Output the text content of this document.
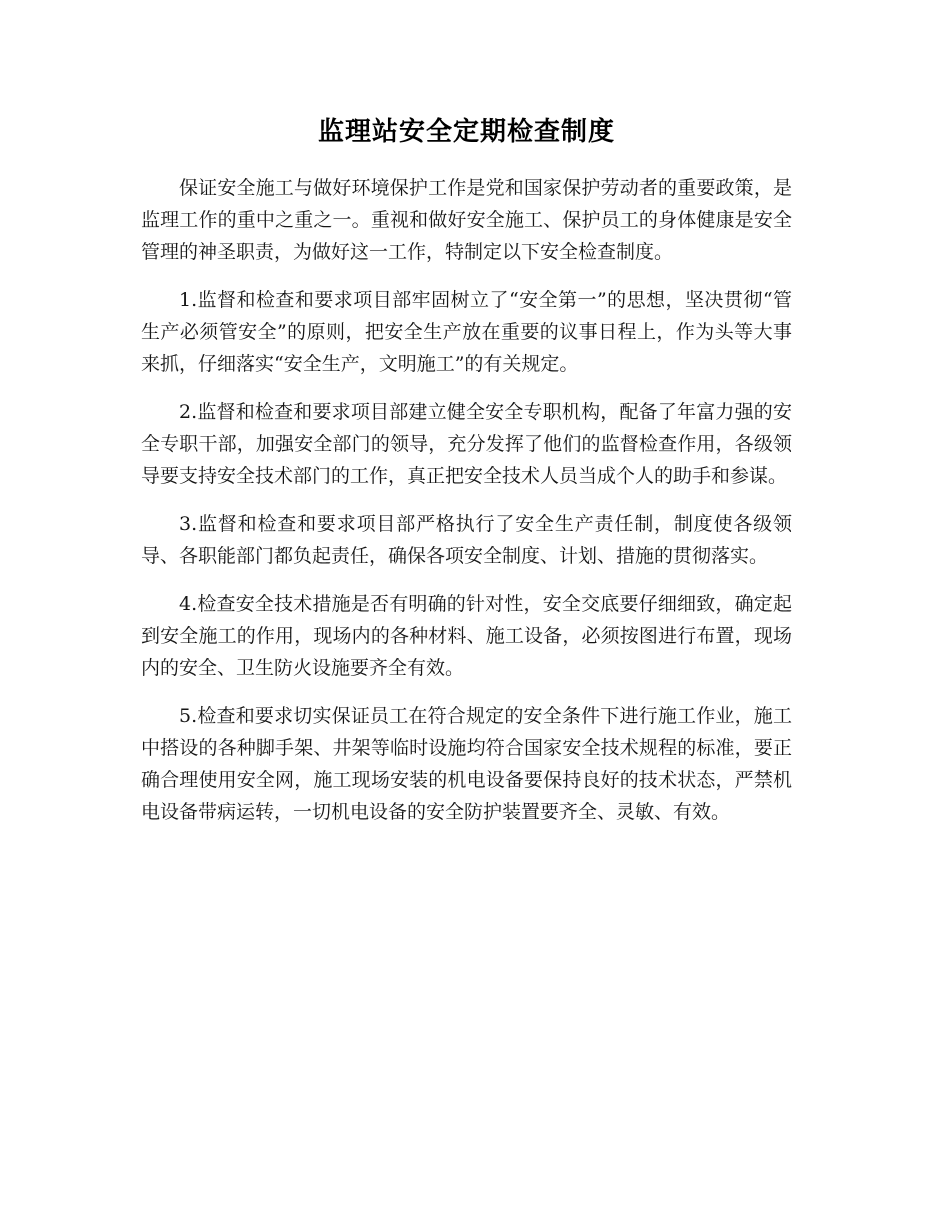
监理站安全定期检查制度

保证安全施工与做好环境保护工作是党和国家保护劳动者的重要政策，是监理工作的重中之重之一。重视和做好安全施工、保护员工的身体健康是安全管理的神圣职责，为做好这一工作，特制定以下安全检查制度。

1.监督和检查和要求项目部牢固树立了“安全第一”的思想，坚决贯彻“管生产必须管安全”的原则，把安全生产放在重要的议事日程上，作为头等大事来抓，仔细落实“安全生产，文明施工”的有关规定。

2.监督和检查和要求项目部建立健全安全专职机构，配备了年富力强的安全专职干部，加强安全部门的领导，充分发挥了他们的监督检查作用，各级领导要支持安全技术部门的工作，真正把安全技术人员当成个人的助手和参谋。

3.监督和检查和要求项目部严格执行了安全生产责任制，制度使各级领导、各职能部门都负起责任，确保各项安全制度、计划、措施的贯彻落实。

4.检查安全技术措施是否有明确的针对性，安全交底要仔细细致，确定起到安全施工的作用，现场内的各种材料、施工设备，必须按图进行布置，现场内的安全、卫生防火设施要齐全有效。

5.检查和要求切实保证员工在符合规定的安全条件下进行施工作业，施工中搭设的各种脚手架、井架等临时设施均符合国家安全技术规程的标准，要正确合理使用安全网，施工现场安装的机电设备要保持良好的技术状态，严禁机电设备带病运转，一切机电设备的安全防护装置要齐全、灵敏、有效。
